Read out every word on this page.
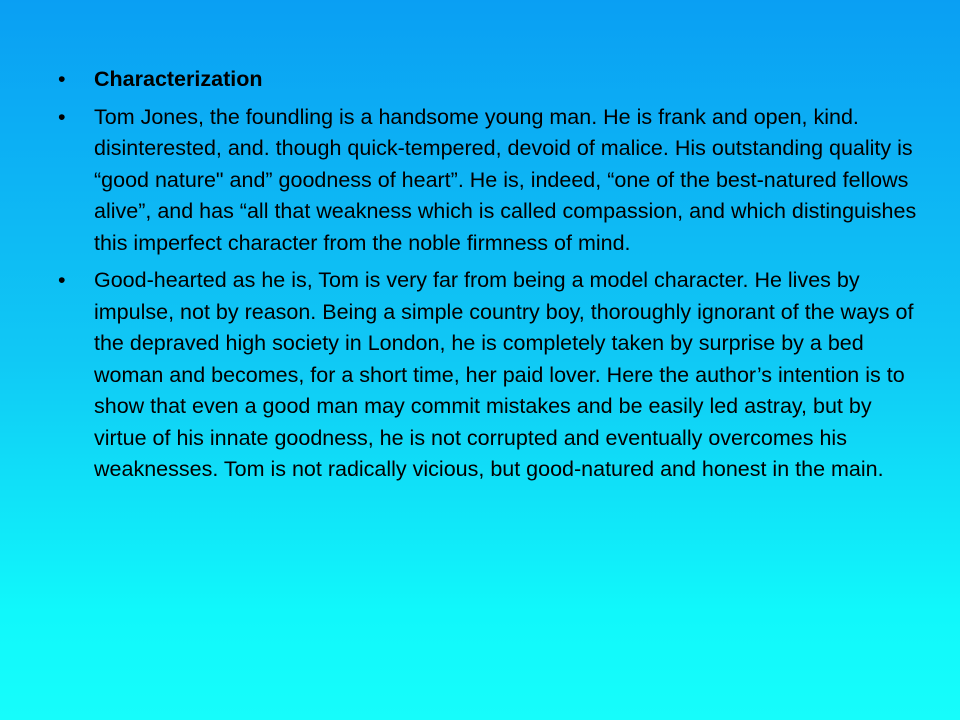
•	Characterization
•	Tom Jones, the foundling is a handsome young man. He is frank and open, kind. disinterested, and. though quick-tempered, devoid of malice. His outstanding quality is “good nature" and” goodness of heart”. He is, indeed, “one of the best-natured fellows alive”, and has “all that weakness which is called compassion, and which distinguishes this imperfect character from the noble firmness of mind.
•	Good-hearted as he is, Tom is very far from being a model character. He lives by impulse, not by reason. Being a simple country boy, thoroughly ignorant of the ways of the depraved high society in London, he is completely taken by surprise by a bed woman and becomes, for a short time, her paid lover. Here the author’s intention is to show that even a good man may commit mistakes and be easily led astray, but by virtue of his innate goodness, he is not corrupted and eventually overcomes his weaknesses. Tom is not radically vicious, but good-natured and honest in the main.
